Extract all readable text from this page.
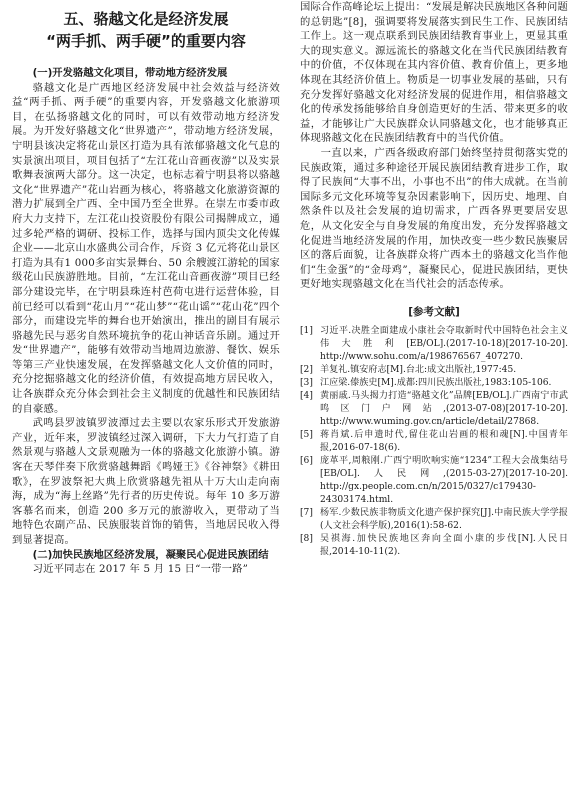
五、骆越文化是经济发展
“两手抓、两手硬”的重要内容

(一)开发骆越文化项目，带动地方经济发展

骆越文化是广西地区经济发展中社会效益与经济效益“两手抓、两手硬”的重要内容，开发骆越文化旅游项目，在弘扬骆越文化的同时，可以有效带动地方经济发展。为开发好骆越文化“世界遗产”，带动地方经济发展，宁明县该决定将花山景区打造为具有浓郁骆越文化气息的实景演出项目，项目包括了“左江花山音画夜游”以及实景歌舞表演两大部分。这一决定，也标志着宁明县将以骆越文化“世界遗产”花山岩画为核心，将骆越文化旅游资源的潜力扩展到全广西、全中国乃至全世界。在崇左市委市政府大力支持下，左江花山投资股份有限公司揭牌成立，通过多轮严格的调研、投标工作，选择与国内顶尖文化传媒企业——北京山水盛典公司合作，斥资 3 亿元将花山景区打造为具有1 000多亩实景舞台、50 余艘渡江游轮的国家级花山民族游胜地。目前，“左江花山音画夜游”项目已经部分建设完毕，在宁明县珠连村芭荷屯进行运营体验，目前已经可以看到“花山月”“花山梦”“花山谣”“花山花”四个部分，而建设完毕的舞台也开始演出，推出的剧目有展示骆越先民与恶劣自然环境抗争的花山神话音乐剧。通过开发“世界遗产”，能够有效带动当地周边旅游、餐饮、娱乐等第三产业快速发展，在发挥骆越文化人文价值的同时，充分挖掘骆越文化的经济价值，有效提高地方居民收入，让各族群众充分体会到社会主义制度的优越性和民族团结的自豪感。

武鸣县罗波镇罗波潭过去主要以农家乐形式开发旅游产业，近年来，罗波镇经过深入调研，下大力气打造了自然景观与骆越人文景观融为一体的骆越文化旅游小镇。游客在天琴伴奏下欣赏骆越舞蹈《鸣娅王》《谷神祭》《耕田歌》，在罗波祭祀大典上欣赏骆越先祖从十万大山走向南海，成为“海上丝路”先行者的历史传说。每年 10 多万游客慕名而来，创造 200 多万元的旅游收入，更带动了当地特色农副产品、民族服装首饰的销售，当地居民收入得到显著提高。

(二)加快民族地区经济发展，凝聚民心促进民族团结

习近平同志在 2017 年 5 月 15 日“一带一路”

国际合作高峰论坛上提出：“发展是解决民族地区各种问题的总钥匙”[8]，强调要将发展落实到民生工作、民族团结工作上。这一观点联系到民族团结教育事业上，更显其重大的现实意义。源远流长的骆越文化在当代民族团结教育中的价值，不仅体现在其内容价值、教育价值上，更多地体现在其经济价值上。物质是一切事业发展的基础，只有充分发挥好骆越文化对经济发展的促进作用，相信骆越文化的传承发扬能够给自身创造更好的生活、带来更多的收益，才能够让广大民族群众认同骆越文化，也才能够真正体现骆越文化在民族团结教育中的当代价值。

一直以来，广西各级政府部门始终坚持贯彻落实党的民族政策，通过多种途径开展民族团结教育进步工作，取得了民族间“大事不出，小事也不出”的伟大成就。在当前国际多元文化环境等复杂因素影响下，因历史、地理、自然条件以及社会发展的迫切需求，广西各界更要居安思危，从文化安全与自身发展的角度出发，充分发挥骆越文化促进当地经济发展的作用，加快改变一些少数民族聚居区的落后面貌，让各族群众将广西本土的骆越文化当作他们“生金蛋”的“金母鸡”，凝聚民心，促进民族团结，更快更好地实现骆越文化在当代社会的活态传承。

[参考文献]
[1] 习近平.决胜全面建成小康社会夺取新时代中国特色社会主义伟大胜利[EB/OL].(2017-10-18)[2017-10-20]. http://www.sohu.com/a/198676567_407270.
[2] 羊复礼.镇安府志[M].台北:成文出版社,1977:45.
[3] 江应梁.傣族史[M].成都:四川民族出版社,1983:105-106.
[4] 黄丽戚.马头揭力打造“骆越文化”品牌[EB/OL].广西南宁市武鸣区门户网站,(2013-07-08)[2017-10-20]. http://www.wuming.gov.cn/article/detail/27868.
[5] 蒋肖斌.后申遗时代,留住花山岩画的根和魂[N].中国青年报,2016-07-18(6).
[6] 庞革平,周粮刚.广西宁明吹响实施“1234”工程大会战集结号[EB/OL].人民网,(2015-03-27)[2017-10-20]. http://gx.people.com.cn/n/2015/0327/c179430-24303174.html.
[7] 杨军.少数民族非物质文化遗产保护探究[J].中南民族大学学报(人文社会科学版),2016(1):58-62.
[8] 吴祺海.加快民族地区奔向全面小康的步伐[N].人民日报,2014-10-11(2).
